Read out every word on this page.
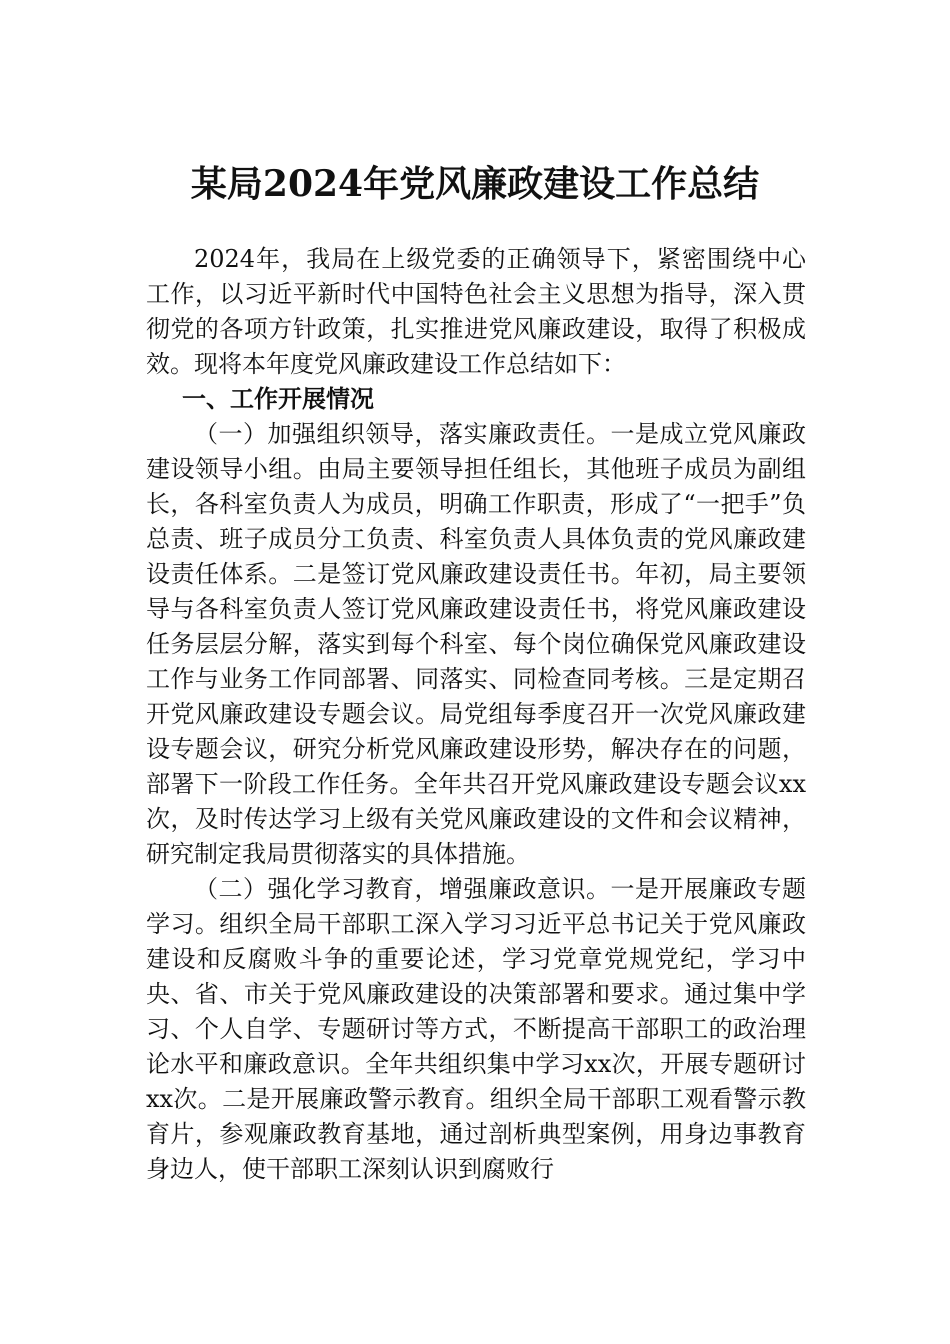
某局2024年党风廉政建设工作总结

2024年，我局在上级党委的正确领导下，紧密围绕中心工作，以习近平新时代中国特色社会主义思想为指导，深入贯彻党的各项方针政策，扎实推进党风廉政建设，取得了积极成效。现将本年度党风廉政建设工作总结如下：

一、工作开展情况

（一）加强组织领导，落实廉政责任。一是成立党风廉政建设领导小组。由局主要领导担任组长，其他班子成员为副组长，各科室负责人为成员，明确工作职责，形成了“一把手”负总责、班子成员分工负责、科室负责人具体负责的党风廉政建设责任体系。二是签订党风廉政建设责任书。年初，局主要领导与各科室负责人签订党风廉政建设责任书，将党风廉政建设任务层层分解，落实到每个科室、每个岗位确保党风廉政建设工作与业务工作同部署、同落实、同检查同考核。三是定期召开党风廉政建设专题会议。局党组每季度召开一次党风廉政建设专题会议，研究分析党风廉政建设形势，解决存在的问题，部署下一阶段工作任务。全年共召开党风廉政建设专题会议xx次，及时传达学习上级有关党风廉政建设的文件和会议精神，研究制定我局贯彻落实的具体措施。

（二）强化学习教育，增强廉政意识。一是开展廉政专题学习。组织全局干部职工深入学习习近平总书记关于党风廉政建设和反腐败斗争的重要论述，学习党章党规党纪，学习中央、省、市关于党风廉政建设的决策部署和要求。通过集中学习、个人自学、专题研讨等方式，不断提高干部职工的政治理论水平和廉政意识。全年共组织集中学习xx次，开展专题研讨xx次。二是开展廉政警示教育。组织全局干部职工观看警示教育片，参观廉政教育基地，通过剖析典型案例，用身边事教育身边人，使干部职工深刻认识到腐败行
